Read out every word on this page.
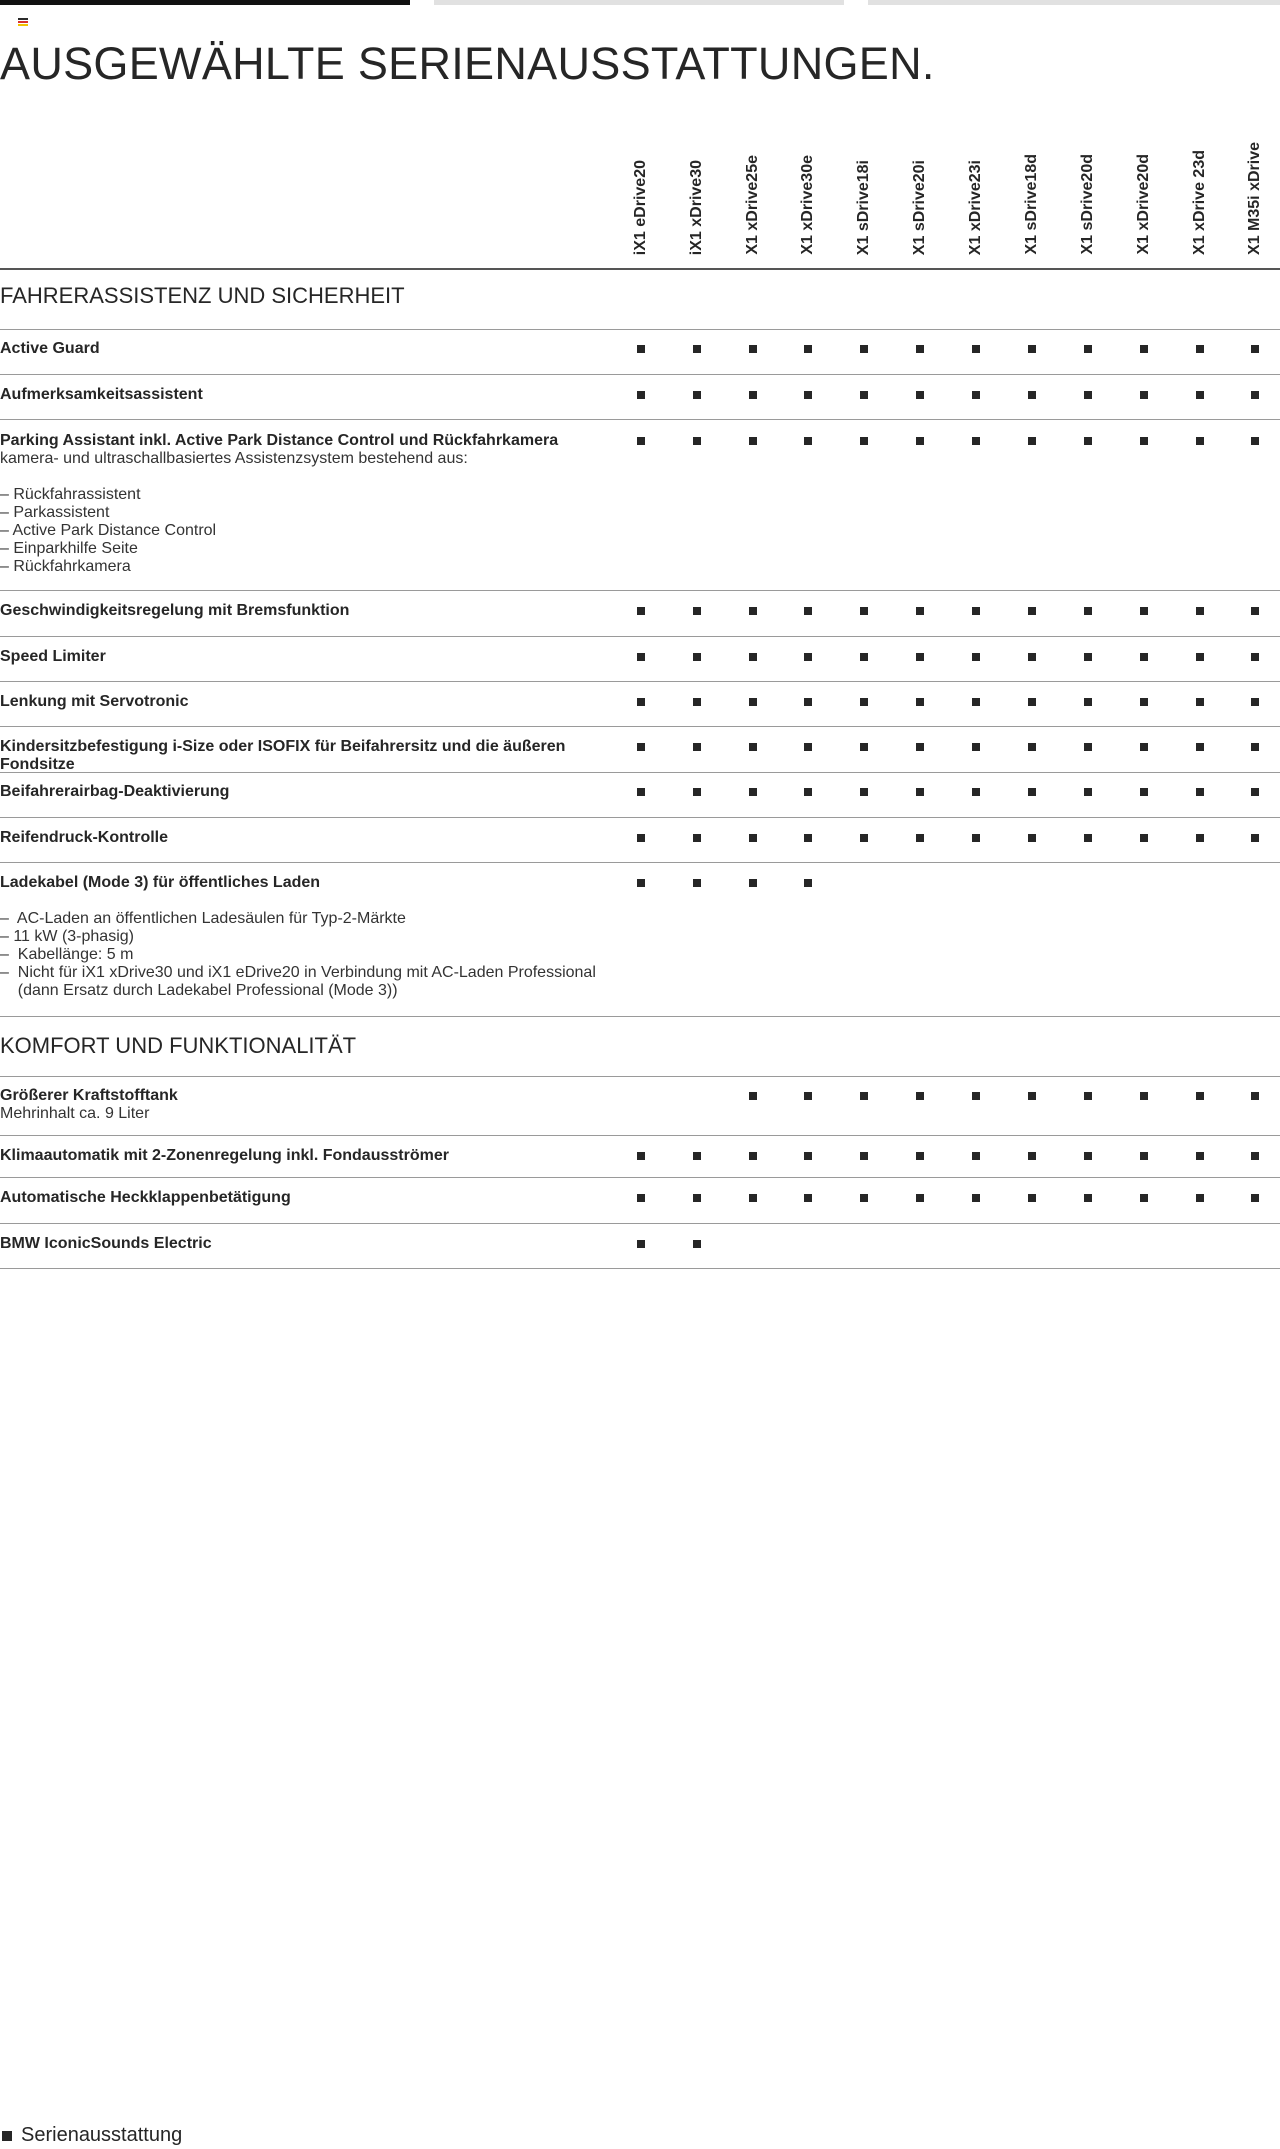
AUSGEWÄHLTE SERIENAUSSTATTUNGEN.
iX1 eDrive20 iX1 xDrive30 X1 xDrive25e X1 xDrive30e X1 sDrive18i X1 sDrive20i X1 xDrive23i X1 sDrive18d X1 sDrive20d X1 xDrive20d X1 xDrive 23d X1 M35i xDrive
FAHRERASSISTENZ UND SICHERHEIT
Active Guard
Aufmerksamkeitsassistent
Parking Assistant inkl. Active Park Distance Control und Rückfahrkamera
kamera- und ultraschallbasiertes Assistenzsystem bestehend aus:
– Rückfahrassistent
– Parkassistent
– Active Park Distance Control
– Einparkhilfe Seite
– Rückfahrkamera
Geschwindigkeitsregelung mit Bremsfunktion
Speed Limiter
Lenkung mit Servotronic
Kindersitzbefestigung i-Size oder ISOFIX für Beifahrersitz und die äußeren Fondsitze
Beifahrerairbag-Deaktivierung
Reifendruck-Kontrolle
Ladekabel (Mode 3) für öffentliches Laden
–  AC-Laden an öffentlichen Ladesäulen für Typ-2-Märkte
– 11 kW (3-phasig)
–  Kabellänge: 5 m
–  Nicht für iX1 xDrive30 und iX1 eDrive20 in Verbindung mit AC-Laden Professional
(dann Ersatz durch Ladekabel Professional (Mode 3))
KOMFORT UND FUNKTIONALITÄT
Größerer Kraftstofftank
Mehrinhalt ca. 9 Liter
Klimaautomatik mit 2-Zonenregelung inkl. Fondausströmer
Automatische Heckklappenbetätigung
BMW IconicSounds Electric
Serienausstattung
